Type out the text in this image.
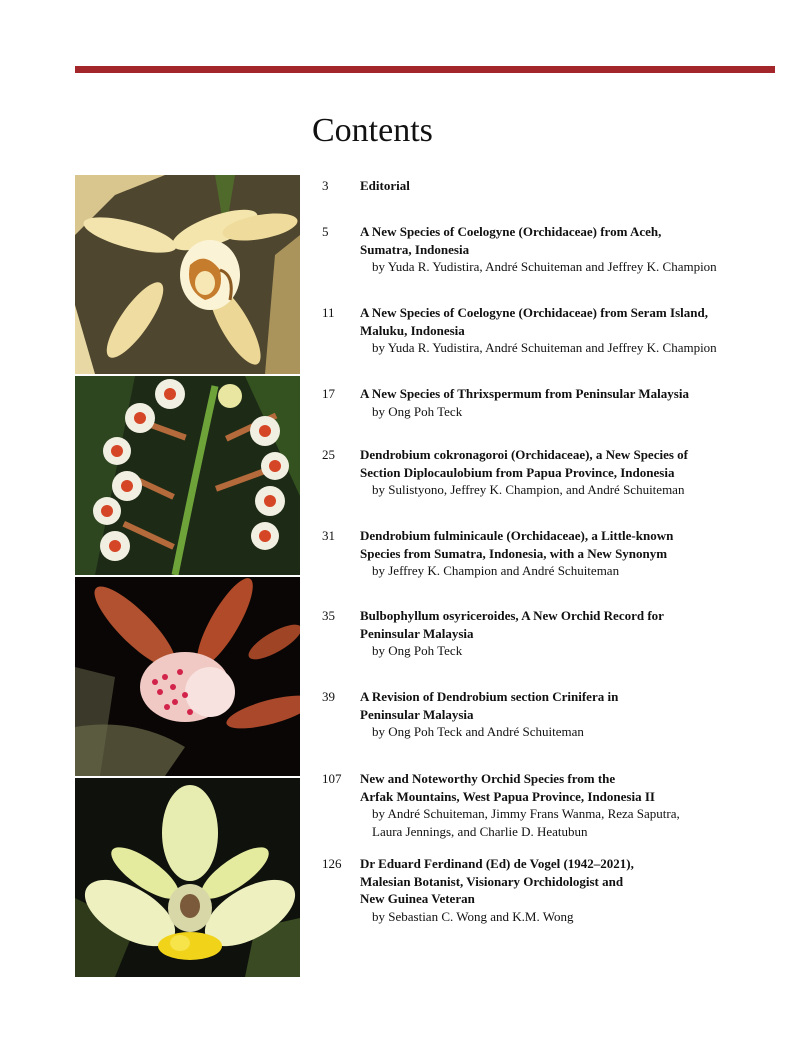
Contents
3	Editorial
5	A New Species of Coelogyne (Orchidaceae) from Aceh,
Sumatra, Indonesia
by Yuda R. Yudistira, André Schuiteman and Jeffrey K. Champion
11	A New Species of Coelogyne (Orchidaceae) from Seram Island,
Maluku, Indonesia
by Yuda R. Yudistira, André Schuiteman and Jeffrey K. Champion
17	A New Species of Thrixspermum from Peninsular Malaysia
by Ong Poh Teck
25	Dendrobium cokronagoroi (Orchidaceae), a New Species of
Section Diplocaulobium from Papua Province, Indonesia
by Sulistyono, Jeffrey K. Champion, and André Schuiteman
31	Dendrobium fulminicaule (Orchidaceae), a Little-known
Species from Sumatra, Indonesia, with a New Synonym
by Jeffrey K. Champion and André Schuiteman
35	Bulbophyllum osyriceroides, A New Orchid Record for
Peninsular Malaysia
by Ong Poh Teck
39	A Revision of Dendrobium section Crinifera in
Peninsular Malaysia
by Ong Poh Teck and André Schuiteman
107	New and Noteworthy Orchid Species from the
Arfak Mountains, West Papua Province, Indonesia II
by André Schuiteman, Jimmy Frans Wanma, Reza Saputra,
Laura Jennings, and Charlie D. Heatubun
126	Dr Eduard Ferdinand (Ed) de Vogel (1942–2021),
Malesian Botanist, Visionary Orchidologist and
New Guinea Veteran
by Sebastian C. Wong and K.M. Wong
